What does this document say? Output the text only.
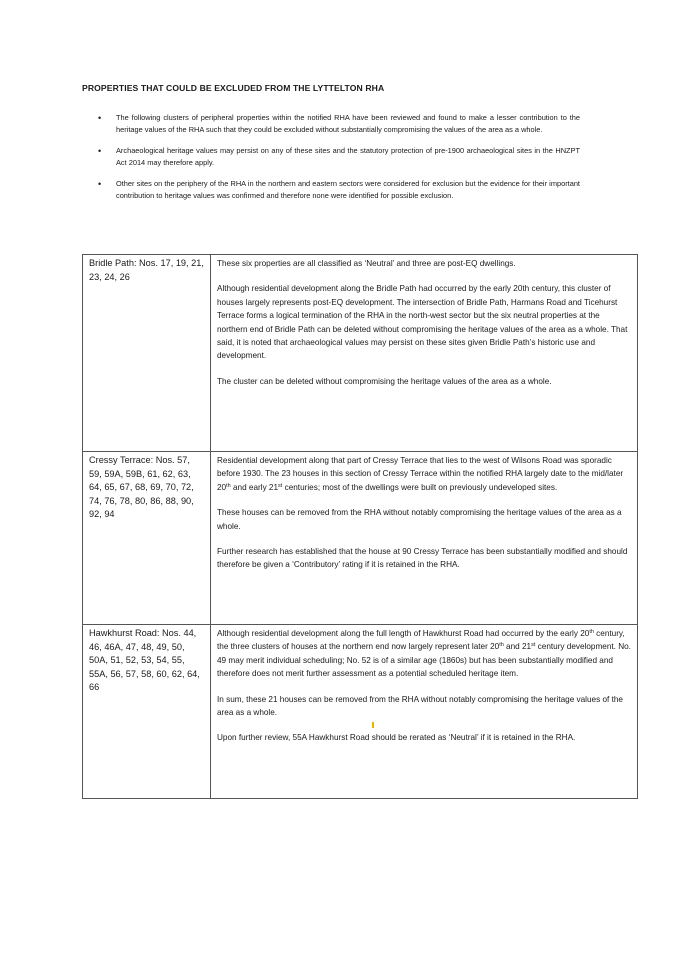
PROPERTIES THAT COULD BE EXCLUDED FROM THE LYTTELTON RHA
•	The following clusters of peripheral properties within the notified RHA have been reviewed and found to make a lesser contribution to the heritage values of the RHA such that they could be excluded without substantially compromising the values of the area as a whole.
•	Archaeological heritage values may persist on any of these sites and the statutory protection of pre-1900 archaeological sites in the HNZPT Act 2014 may therefore apply.
•	Other sites on the periphery of the RHA in the northern and eastern sectors were considered for exclusion but the evidence for their important contribution to heritage values was confirmed and therefore none were identified for possible exclusion.
Bridle Path: Nos. 17, 19, 21, 23, 24, 26	These six properties are all classified as ‘Neutral’ and three are post-EQ dwellings.

Although residential development along the Bridle Path had occurred by the early 20th century, this cluster of houses largely represents post-EQ development. The intersection of Bridle Path, Harmans Road and Ticehurst Terrace forms a logical termination of the RHA in the north-west sector but the six neutral properties at the northern end of Bridle Path can be deleted without compromising the heritage values of the area as a whole. That said, it is noted that archaeological values may persist on these sites given Bridle Path’s historic use and development.

The cluster can be deleted without compromising the heritage values of the area as a whole.

Cressy Terrace: Nos. 57, 59, 59A, 59B, 61, 62, 63, 64, 65, 67, 68, 69, 70, 72, 74, 76, 78, 80, 86, 88, 90, 92, 94	Residential development along that part of Cressy Terrace that lies to the west of Wilsons Road was sporadic before 1930. The 23 houses in this section of Cressy Terrace within the notified RHA largely date to the mid/later 20th and early 21st centuries; most of the dwellings were built on previously undeveloped sites.

These houses can be removed from the RHA without notably compromising the heritage values of the area as a whole.

Further research has established that the house at 90 Cressy Terrace has been substantially modified and should therefore be given a ‘Contributory’ rating if it is retained in the RHA.

Hawkhurst Road: Nos. 44, 46, 46A, 47, 48, 49, 50, 50A, 51, 52, 53, 54, 55, 55A, 56, 57, 58, 60, 62, 64, 66	Although residential development along the full length of Hawkhurst Road had occurred by the early 20th century, the three clusters of houses at the northern end now largely represent later 20th and 21st century development. No. 49 may merit individual scheduling; No. 52 is of a similar age (1860s) but has been substantially modified and therefore does not merit further assessment as a potential scheduled heritage item.

In sum, these 21 houses can be removed from the RHA without notably compromising the heritage values of the area as a whole.

Upon further review, 55A Hawkhurst Road should be rerated as ‘Neutral’ if it is retained in the RHA.
